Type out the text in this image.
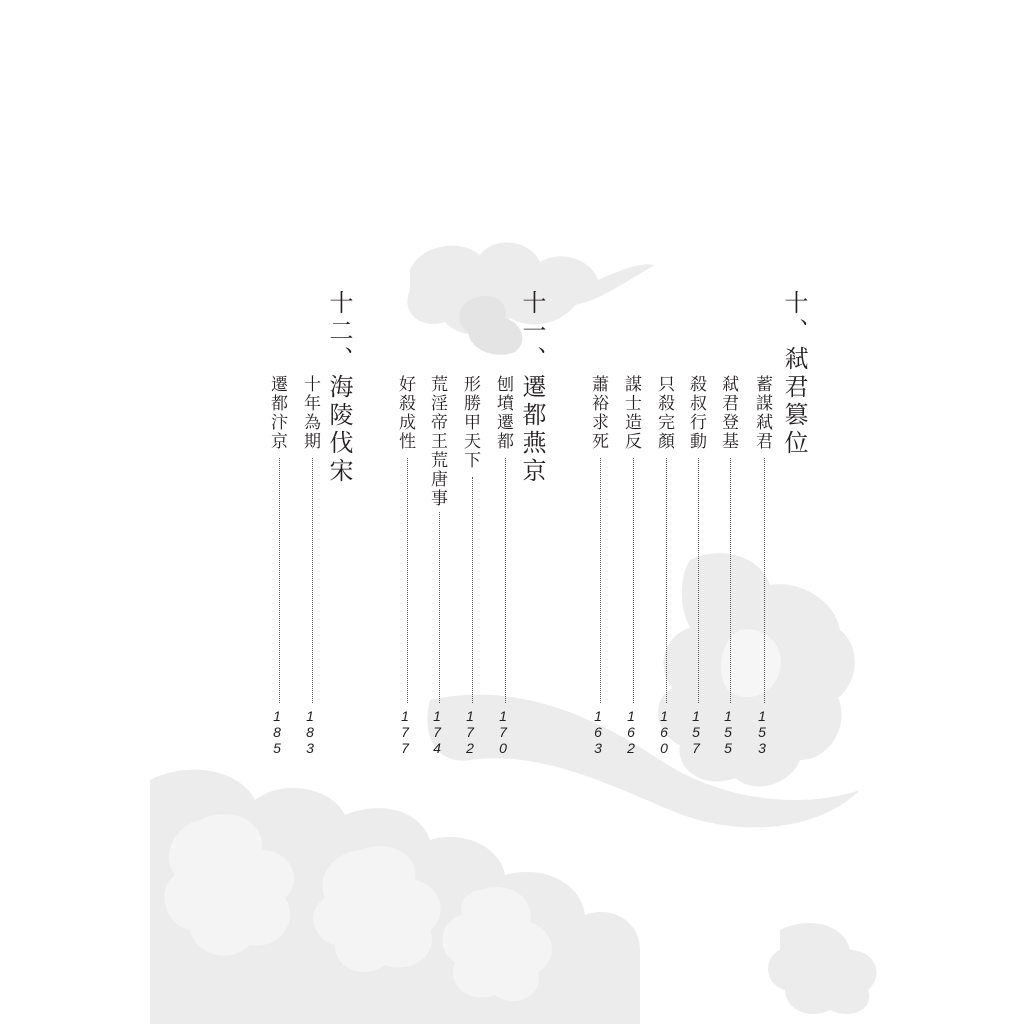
十、弒君篡位
蓄謀弒君
153
弒君登基
155
殺叔行動
157
只殺完顏
160
謀士造反
162
蕭裕求死
163
十一、遷都燕京
刨墳遷都
170
形勝甲天下
172
荒淫帝王荒唐事
174
好殺成性
177
十二、海陵伐宋
十年為期
183
遷都汴京
185
